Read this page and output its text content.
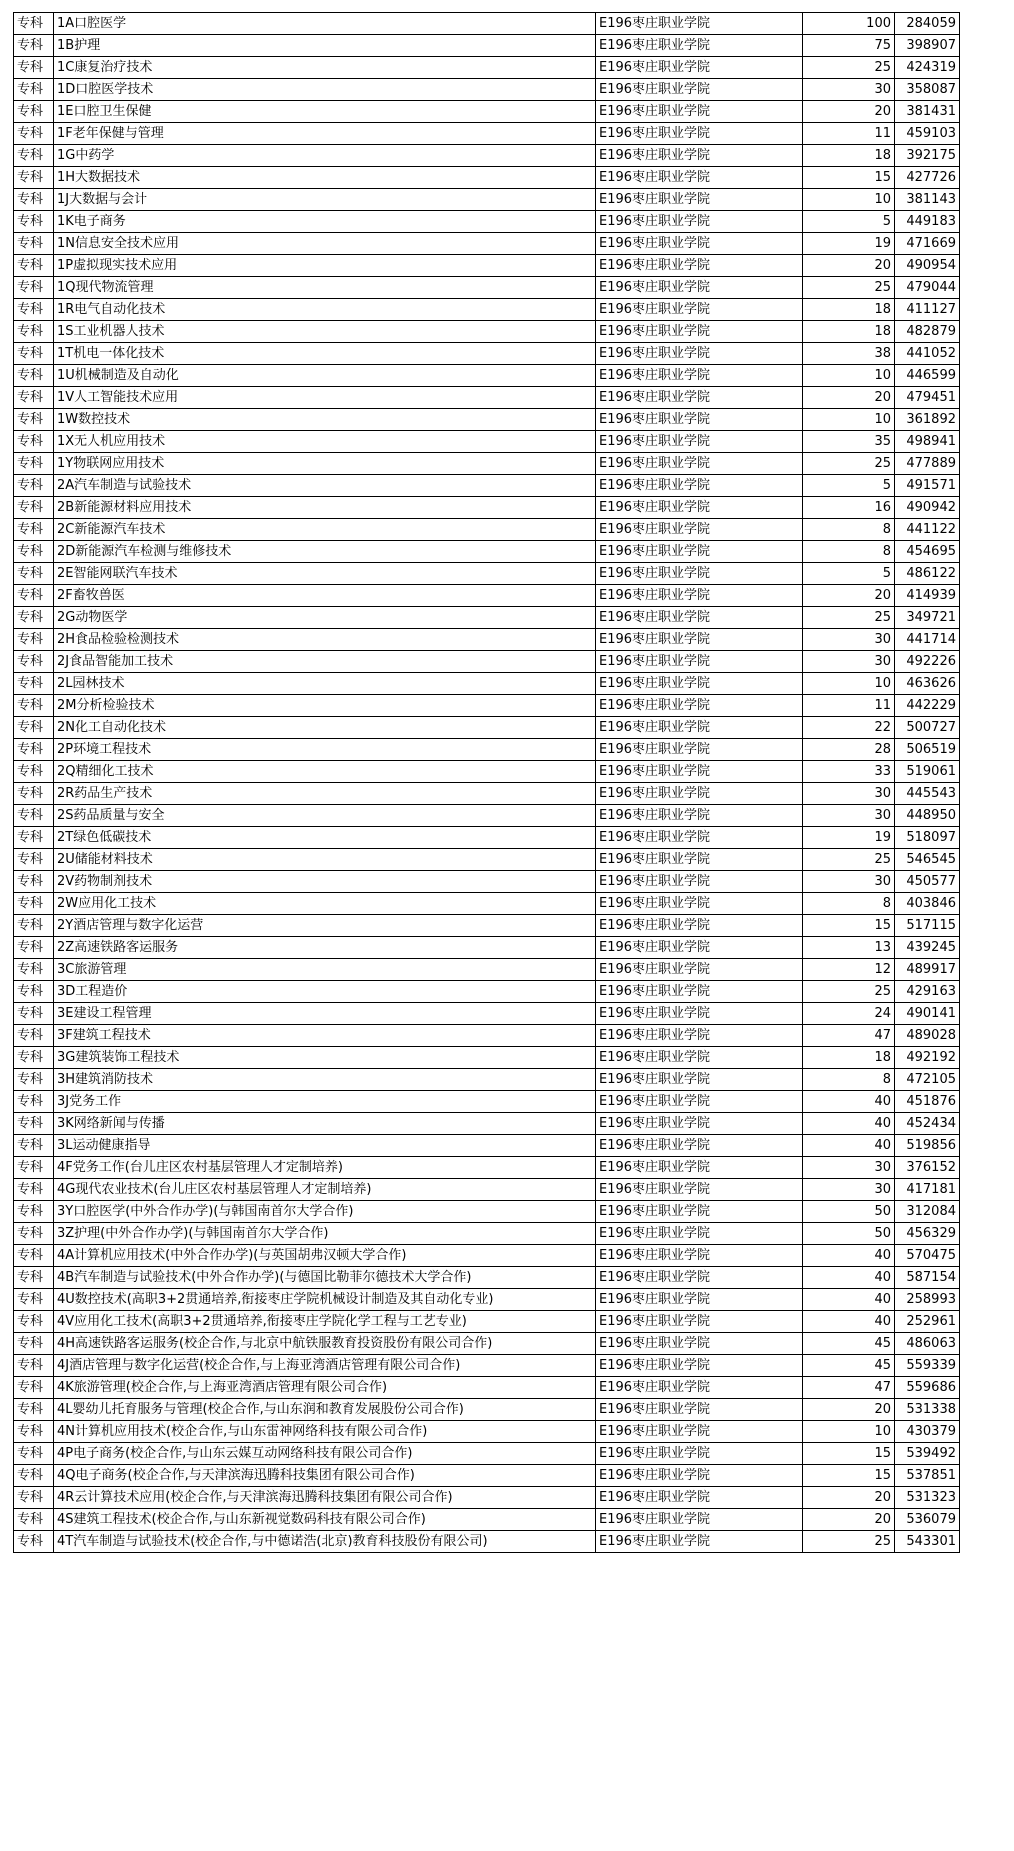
专科	1A口腔医学	E196枣庄职业学院	100	284059
专科	1B护理	E196枣庄职业学院	75	398907
专科	1C康复治疗技术	E196枣庄职业学院	25	424319
专科	1D口腔医学技术	E196枣庄职业学院	30	358087
专科	1E口腔卫生保健	E196枣庄职业学院	20	381431
专科	1F老年保健与管理	E196枣庄职业学院	11	459103
专科	1G中药学	E196枣庄职业学院	18	392175
专科	1H大数据技术	E196枣庄职业学院	15	427726
专科	1J大数据与会计	E196枣庄职业学院	10	381143
专科	1K电子商务	E196枣庄职业学院	5	449183
专科	1N信息安全技术应用	E196枣庄职业学院	19	471669
专科	1P虚拟现实技术应用	E196枣庄职业学院	20	490954
专科	1Q现代物流管理	E196枣庄职业学院	25	479044
专科	1R电气自动化技术	E196枣庄职业学院	18	411127
专科	1S工业机器人技术	E196枣庄职业学院	18	482879
专科	1T机电一体化技术	E196枣庄职业学院	38	441052
专科	1U机械制造及自动化	E196枣庄职业学院	10	446599
专科	1V人工智能技术应用	E196枣庄职业学院	20	479451
专科	1W数控技术	E196枣庄职业学院	10	361892
专科	1X无人机应用技术	E196枣庄职业学院	35	498941
专科	1Y物联网应用技术	E196枣庄职业学院	25	477889
专科	2A汽车制造与试验技术	E196枣庄职业学院	5	491571
专科	2B新能源材料应用技术	E196枣庄职业学院	16	490942
专科	2C新能源汽车技术	E196枣庄职业学院	8	441122
专科	2D新能源汽车检测与维修技术	E196枣庄职业学院	8	454695
专科	2E智能网联汽车技术	E196枣庄职业学院	5	486122
专科	2F畜牧兽医	E196枣庄职业学院	20	414939
专科	2G动物医学	E196枣庄职业学院	25	349721
专科	2H食品检验检测技术	E196枣庄职业学院	30	441714
专科	2J食品智能加工技术	E196枣庄职业学院	30	492226
专科	2L园林技术	E196枣庄职业学院	10	463626
专科	2M分析检验技术	E196枣庄职业学院	11	442229
专科	2N化工自动化技术	E196枣庄职业学院	22	500727
专科	2P环境工程技术	E196枣庄职业学院	28	506519
专科	2Q精细化工技术	E196枣庄职业学院	33	519061
专科	2R药品生产技术	E196枣庄职业学院	30	445543
专科	2S药品质量与安全	E196枣庄职业学院	30	448950
专科	2T绿色低碳技术	E196枣庄职业学院	19	518097
专科	2U储能材料技术	E196枣庄职业学院	25	546545
专科	2V药物制剂技术	E196枣庄职业学院	30	450577
专科	2W应用化工技术	E196枣庄职业学院	8	403846
专科	2Y酒店管理与数字化运营	E196枣庄职业学院	15	517115
专科	2Z高速铁路客运服务	E196枣庄职业学院	13	439245
专科	3C旅游管理	E196枣庄职业学院	12	489917
专科	3D工程造价	E196枣庄职业学院	25	429163
专科	3E建设工程管理	E196枣庄职业学院	24	490141
专科	3F建筑工程技术	E196枣庄职业学院	47	489028
专科	3G建筑装饰工程技术	E196枣庄职业学院	18	492192
专科	3H建筑消防技术	E196枣庄职业学院	8	472105
专科	3J党务工作	E196枣庄职业学院	40	451876
专科	3K网络新闻与传播	E196枣庄职业学院	40	452434
专科	3L运动健康指导	E196枣庄职业学院	40	519856
专科	4F党务工作(台儿庄区农村基层管理人才定制培养)	E196枣庄职业学院	30	376152
专科	4G现代农业技术(台儿庄区农村基层管理人才定制培养)	E196枣庄职业学院	30	417181
专科	3Y口腔医学(中外合作办学)(与韩国南首尔大学合作)	E196枣庄职业学院	50	312084
专科	3Z护理(中外合作办学)(与韩国南首尔大学合作)	E196枣庄职业学院	50	456329
专科	4A计算机应用技术(中外合作办学)(与英国胡弗汉顿大学合作)	E196枣庄职业学院	40	570475
专科	4B汽车制造与试验技术(中外合作办学)(与德国比勒菲尔德技术大学合作)	E196枣庄职业学院	40	587154
专科	4U数控技术(高职3+2贯通培养,衔接枣庄学院机械设计制造及其自动化专业)	E196枣庄职业学院	40	258993
专科	4V应用化工技术(高职3+2贯通培养,衔接枣庄学院化学工程与工艺专业)	E196枣庄职业学院	40	252961
专科	4H高速铁路客运服务(校企合作,与北京中航铁服教育投资股份有限公司合作)	E196枣庄职业学院	45	486063
专科	4J酒店管理与数字化运营(校企合作,与上海亚湾酒店管理有限公司合作)	E196枣庄职业学院	45	559339
专科	4K旅游管理(校企合作,与上海亚湾酒店管理有限公司合作)	E196枣庄职业学院	47	559686
专科	4L婴幼儿托育服务与管理(校企合作,与山东润和教育发展股份公司合作)	E196枣庄职业学院	20	531338
专科	4N计算机应用技术(校企合作,与山东雷神网络科技有限公司合作)	E196枣庄职业学院	10	430379
专科	4P电子商务(校企合作,与山东云媒互动网络科技有限公司合作)	E196枣庄职业学院	15	539492
专科	4Q电子商务(校企合作,与天津滨海迅腾科技集团有限公司合作)	E196枣庄职业学院	15	537851
专科	4R云计算技术应用(校企合作,与天津滨海迅腾科技集团有限公司合作)	E196枣庄职业学院	20	531323
专科	4S建筑工程技术(校企合作,与山东新视觉数码科技有限公司合作)	E196枣庄职业学院	20	536079
专科	4T汽车制造与试验技术(校企合作,与中德诺浩(北京)教育科技股份有限公司)	E196枣庄职业学院	25	543301
